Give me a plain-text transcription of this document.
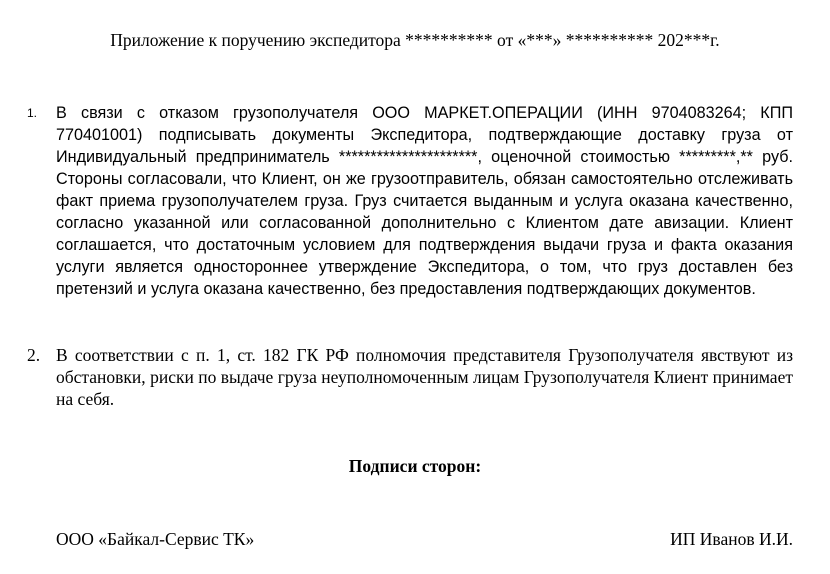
Приложение к поручению экспедитора ********** от «***» ********** 202***г.
1. В связи с отказом грузополучателя ООО МАРКЕТ.ОПЕРАЦИИ (ИНН 9704083264; КПП 770401001) подписывать документы Экспедитора, подтверждающие доставку груза от Индивидуальный предприниматель **********************, оценочной стоимостью *********,** руб. Стороны согласовали, что Клиент, он же грузоотправитель, обязан самостоятельно отслеживать факт приема грузополучателем груза. Груз считается выданным и услуга оказана качественно, согласно указанной или согласованной дополнительно с Клиентом дате авизации. Клиент соглашается, что достаточным условием для подтверждения выдачи груза и факта оказания услуги является одностороннее утверждение Экспедитора, о том, что груз доставлен без претензий и услуга оказана качественно, без предоставления подтверждающих документов.
2. В соответствии с п. 1, ст. 182 ГК РФ полномочия представителя Грузополучателя явствуют из обстановки, риски по выдаче груза неуполномоченным лицам Грузополучателя Клиент принимает на себя.
Подписи сторон:
ООО «Байкал-Сервис ТК»	ИП Иванов И.И.
